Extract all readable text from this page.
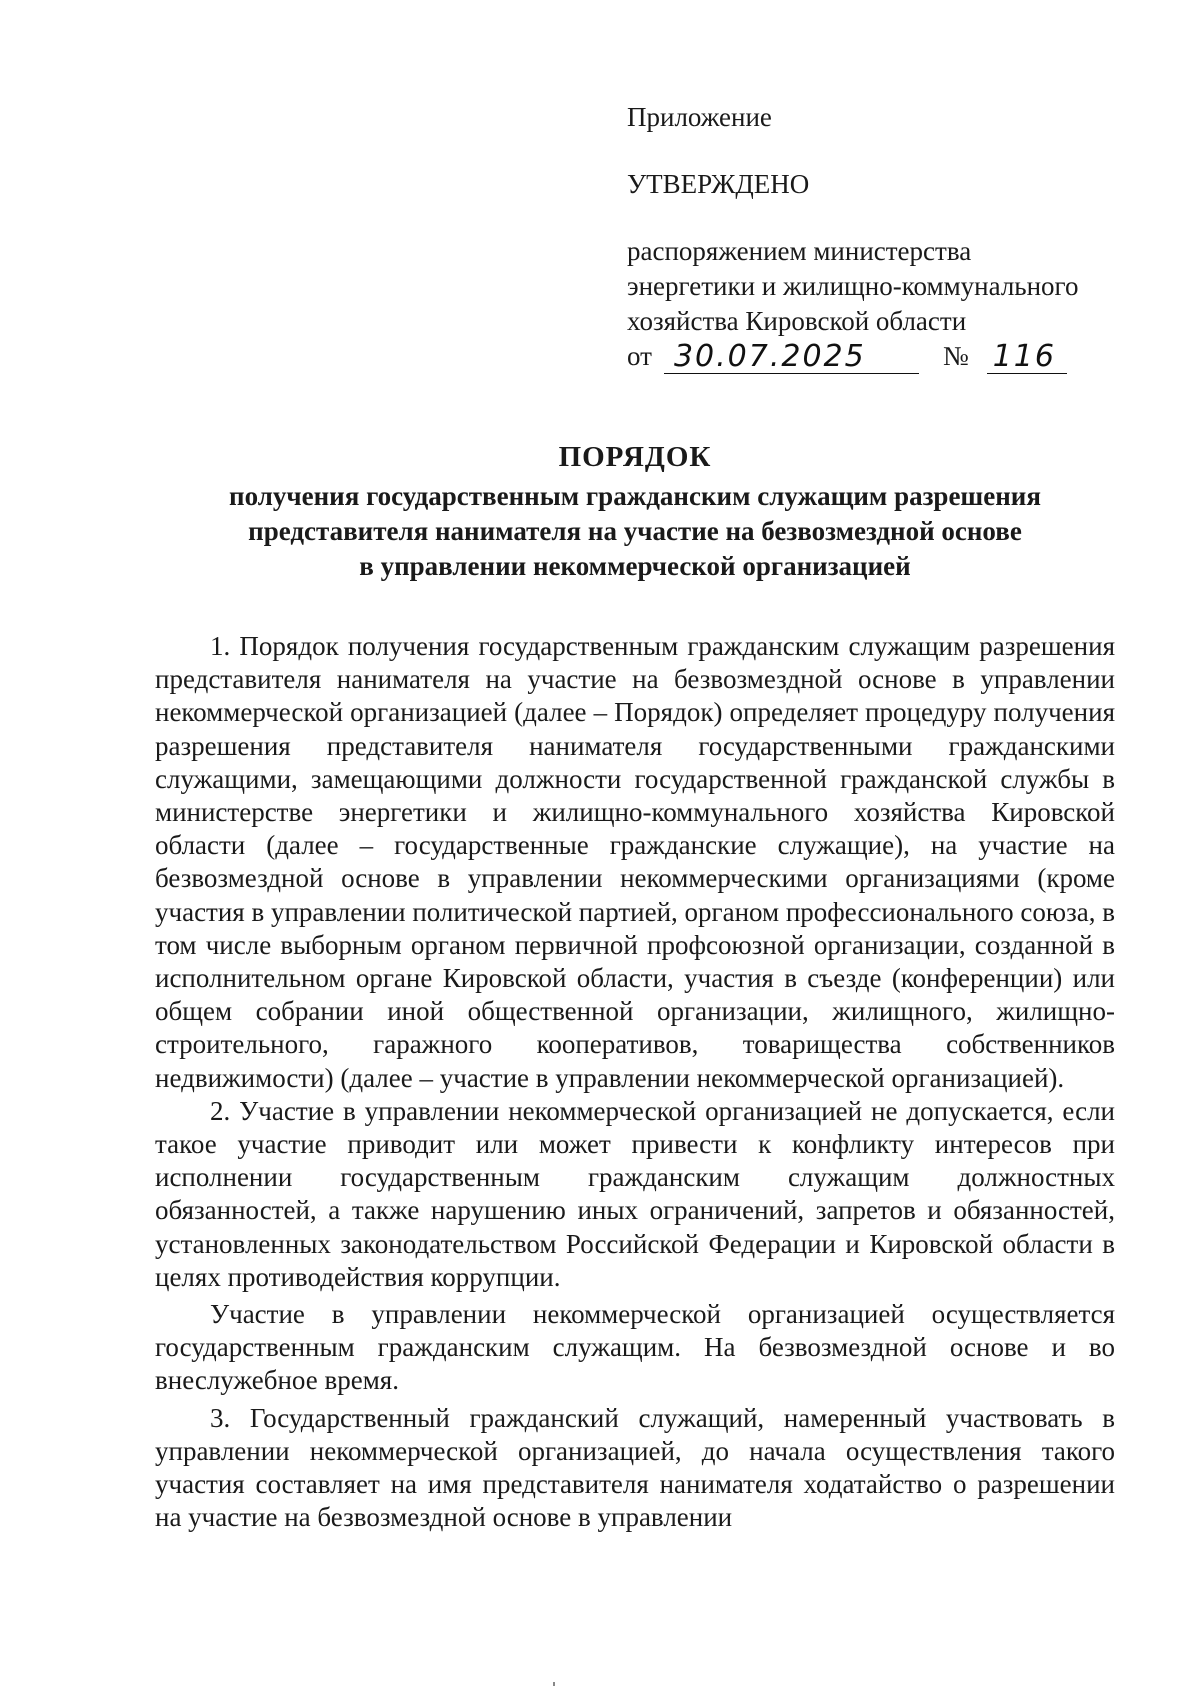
Приложение
УТВЕРЖДЕНО
распоряжением министерства
энергетики и жилищно-коммунального
хозяйства Кировской области
от 30.07.2025	№ 116
ПОРЯДОК
получения государственным гражданским служащим разрешения
представителя нанимателя на участие на безвозмездной основе
в управлении некоммерческой организацией

1. Порядок получения государственным гражданским служащим разрешения представителя нанимателя на участие на безвозмездной основе в управлении некоммерческой организацией (далее – Порядок) определяет процедуру получения разрешения представителя нанимателя государственными гражданскими служащими, замещающими должности государственной гражданской службы в министерстве энергетики и жилищно-коммунального хозяйства Кировской области (далее – государственные гражданские служащие), на участие на безвозмездной основе в управлении некоммерческими организациями (кроме участия в управлении политической партией, органом профессионального союза, в том числе выборным органом первичной профсоюзной организации, созданной в исполнительном органе Кировской области, участия в съезде (конференции) или общем собрании иной общественной организации, жилищного, жилищно-строительного, гаражного кооперативов, товарищества собственников недвижимости) (далее – участие в управлении некоммерческой организацией).

2. Участие в управлении некоммерческой организацией не допускается, если такое участие приводит или может привести к конфликту интересов при исполнении государственным гражданским служащим должностных обязанностей, а также нарушению иных ограничений, запретов и обязанностей, установленных законодательством Российской Федерации и Кировской области в целях противодействия коррупции.

Участие в управлении некоммерческой организацией осуществляется государственным гражданским служащим. На безвозмездной основе и во внеслужебное время.

3. Государственный гражданский служащий, намеренный участвовать в управлении некоммерческой организацией, до начала осуществления такого участия составляет на имя представителя нанимателя ходатайство о разрешении на участие на безвозмездной основе в управлении
